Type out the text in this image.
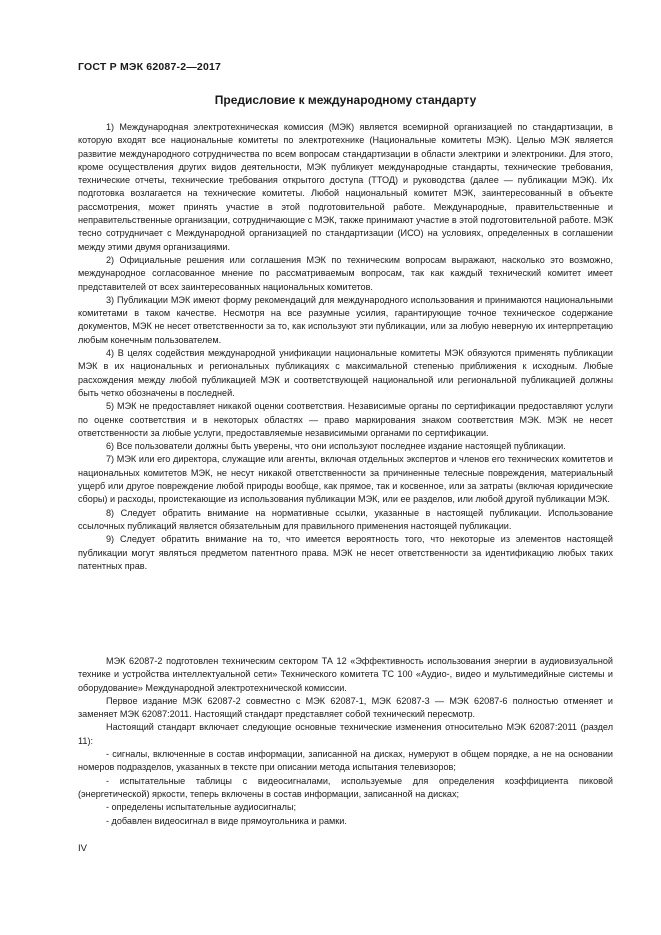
ГОСТ Р МЭК 62087-2—2017
Предисловие к международному стандарту

1) Международная электротехническая комиссия (МЭК) является всемирной организацией по стандартизации, в которую входят все национальные комитеты по электротехнике (Национальные комитеты МЭК). Целью МЭК является развитие международного сотрудничества по всем вопросам стандартизации в области электрики и электроники. Для этого, кроме осуществления других видов деятельности, МЭК публикует международные стандарты, технические требования, технические отчеты, технические требования открытого доступа (ТТОД) и руководства (далее — публикации МЭК). Их подготовка возлагается на технические комитеты. Любой национальный комитет МЭК, заинтересованный в объекте рассмотрения, может принять участие в этой подготовительной работе. Международные, правительственные и неправительственные организации, сотрудничающие с МЭК, также принимают участие в этой подготовительной работе. МЭК тесно сотрудничает с Международной организацией по стандартизации (ИСО) на условиях, определенных в соглашении между этими двумя организациями.

2) Официальные решения или соглашения МЭК по техническим вопросам выражают, насколько это возможно, международное согласованное мнение по рассматриваемым вопросам, так как каждый технический комитет имеет представителей от всех заинтересованных национальных комитетов.

3) Публикации МЭК имеют форму рекомендаций для международного использования и принимаются национальными комитетами в таком качестве. Несмотря на все разумные усилия, гарантирующие точное техническое содержание документов, МЭК не несет ответственности за то, как используют эти публикации, или за любую неверную их интерпретацию любым конечным пользователем.

4) В целях содействия международной унификации национальные комитеты МЭК обязуются применять публикации МЭК в их национальных и региональных публикациях с максимальной степенью приближения к исходным. Любые расхождения между любой публикацией МЭК и соответствующей национальной или региональной публикацией должны быть четко обозначены в последней.

5) МЭК не предоставляет никакой оценки соответствия. Независимые органы по сертификации предоставляют услуги по оценке соответствия и в некоторых областях — право маркирования знаком соответствия МЭК. МЭК не несет ответственности за любые услуги, предоставляемые независимыми органами по сертификации.

6) Все пользователи должны быть уверены, что они используют последнее издание настоящей публикации.

7) МЭК или его директора, служащие или агенты, включая отдельных экспертов и членов его технических комитетов и национальных комитетов МЭК, не несут никакой ответственности за причиненные телесные повреждения, материальный ущерб или другое повреждение любой природы вообще, как прямое, так и косвенное, или за затраты (включая юридические сборы) и расходы, проистекающие из использования публикации МЭК, или ее разделов, или любой другой публикации МЭК.

8) Следует обратить внимание на нормативные ссылки, указанные в настоящей публикации. Использование ссылочных публикаций является обязательным для правильного применения настоящей публикации.

9) Следует обратить внимание на то, что имеется вероятность того, что некоторые из элементов настоящей публикации могут являться предметом патентного права. МЭК не несет ответственности за идентификацию любых таких патентных прав.

МЭК 62087-2 подготовлен техническим сектором ТА 12 «Эффективность использования энергии в аудиовизуальной технике и устройства интеллектуальной сети» Технического комитета ТС 100 «Аудио-, видео и мультимедийные системы и оборудование» Международной электротехнической комиссии.

Первое издание МЭК 62087-2 совместно с МЭК 62087-1, МЭК 62087-3 — МЭК 62087-6 полностью отменяет и заменяет МЭК 62087:2011. Настоящий стандарт представляет собой технический пересмотр.

Настоящий стандарт включает следующие основные технические изменения относительно МЭК 62087:2011 (раздел 11):

- сигналы, включенные в состав информации, записанной на дисках, нумеруют в общем порядке, а не на основании номеров подразделов, указанных в тексте при описании метода испытания телевизоров;

- испытательные таблицы с видеосигналами, используемые для определения коэффициента пиковой (энергетической) яркости, теперь включены в состав информации, записанной на дисках;

- определены испытательные аудиосигналы;

- добавлен видеосигнал в виде прямоугольника и рамки.

IV
